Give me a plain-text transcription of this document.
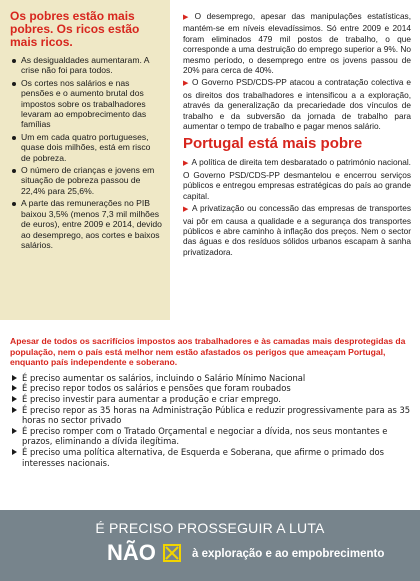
Os pobres estão mais pobres. Os ricos estão mais ricos.
As desigualdades aumentaram. A crise não foi para todos.
Os cortes nos salários e nas pensões e o aumento brutal dos impostos sobre os trabalhadores levaram ao empobrecimento das famílias
Um em cada quatro portugueses, quase dois milhões, está em risco de pobreza.
O número de crianças e jovens em situação de pobreza passou de 22,4% para 25,6%.
A parte das remunerações no PIB baixou 3,5% (menos 7,3 mil milhões de euros), entre 2009 e 2014, devido ao desemprego, aos cortes e baixos salários.

▶ O desemprego, apesar das manipulações estatísticas, mantém-se em níveis elevadíssimos. Só entre 2009 e 2014 foram eliminados 479 mil postos de trabalho, o que corresponde a uma destruição do emprego superior a 9%. No mesmo período, o desemprego entre os jovens passou de 20% para cerca de 40%.

▶ O Governo PSD/CDS-PP atacou a contratação colectiva e os direitos dos trabalhadores e intensificou a a exploração, através da generalização da precariedade dos vínculos de trabalho e da subversão da jornada de trabalho para aumentar o tempo de trabalho e pagar menos salário.

Portugal está mais pobre

▶ A política de direita tem desbaratado o património nacional. O Governo PSD/CDS-PP desmantelou e encerrou serviços públicos e entregou empresas estratégicas do país ao grande capital.

▶ A privatização ou concessão das empresas de transportes vai pôr em causa a qualidade e a segurança dos transportes públicos e abre caminho à inflação dos preços. Nem o sector das águas e dos resíduos sólidos urbanos escapam à sanha privatizadora.

Apesar de todos os sacrifícios impostos aos trabalhadores e às camadas mais desprotegidas da população, nem o país está melhor nem estão afastados os perigos que ameaçam Portugal, enquanto país independente e soberano.

É preciso aumentar os salários, incluindo o Salário Mínimo Nacional
É preciso repor todos os salários e pensões que foram roubados
É preciso investir para aumentar a produção e criar emprego.
É preciso repor as 35 horas na Administração Pública e reduzir progressivamente para as 35 horas no sector privado
É preciso romper com o Tratado Orçamental e negociar a dívida, nos seus montantes e prazos, eliminando a dívida ilegítima.
É preciso uma política alternativa, de Esquerda e Soberana, que afirme o primado dos interesses nacionais.
É PRECISO PROSSEGUIR A LUTA
NÃO	à exploração e ao empobrecimento
